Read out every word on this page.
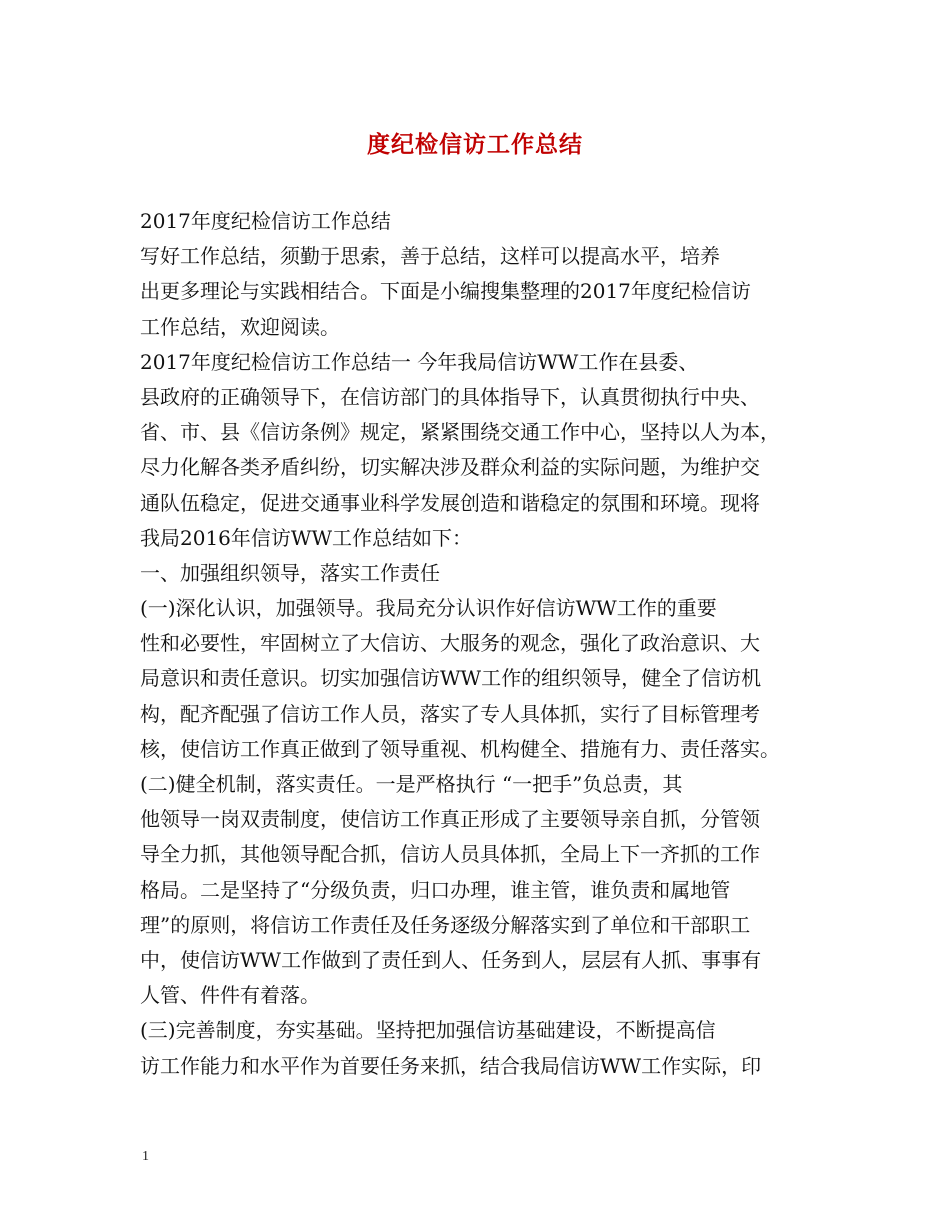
度纪检信访工作总结
2017年度纪检信访工作总结
写好工作总结，须勤于思索，善于总结，这样可以提高水平，培养
出更多理论与实践相结合。下面是小编搜集整理的2017年度纪检信访
工作总结，欢迎阅读。
2017年度纪检信访工作总结一 今年我局信访WW工作在县委、
县政府的正确领导下，在信访部门的具体指导下，认真贯彻执行中央、
省、市、县《信访条例》规定，紧紧围绕交通工作中心，坚持以人为本，
尽力化解各类矛盾纠纷，切实解决涉及群众利益的实际问题，为维护交
通队伍稳定，促进交通事业科学发展创造和谐稳定的氛围和环境。现将
我局2016年信访WW工作总结如下：
一、加强组织领导，落实工作责任
(一)深化认识，加强领导。我局充分认识作好信访WW工作的重要
性和必要性，牢固树立了大信访、大服务的观念，强化了政治意识、大
局意识和责任意识。切实加强信访WW工作的组织领导，健全了信访机
构，配齐配强了信访工作人员，落实了专人具体抓，实行了目标管理考
核，使信访工作真正做到了领导重视、机构健全、措施有力、责任落实。
(二)健全机制，落实责任。一是严格执行 “一把手”负总责，其
他领导一岗双责制度，使信访工作真正形成了主要领导亲自抓，分管领
导全力抓，其他领导配合抓，信访人员具体抓，全局上下一齐抓的工作
格局。二是坚持了“分级负责，归口办理，谁主管，谁负责和属地管
理”的原则，将信访工作责任及任务逐级分解落实到了单位和干部职工
中，使信访WW工作做到了责任到人、任务到人，层层有人抓、事事有
人管、件件有着落。
(三)完善制度，夯实基础。坚持把加强信访基础建设，不断提高信
访工作能力和水平作为首要任务来抓，结合我局信访WW工作实际，印
1
